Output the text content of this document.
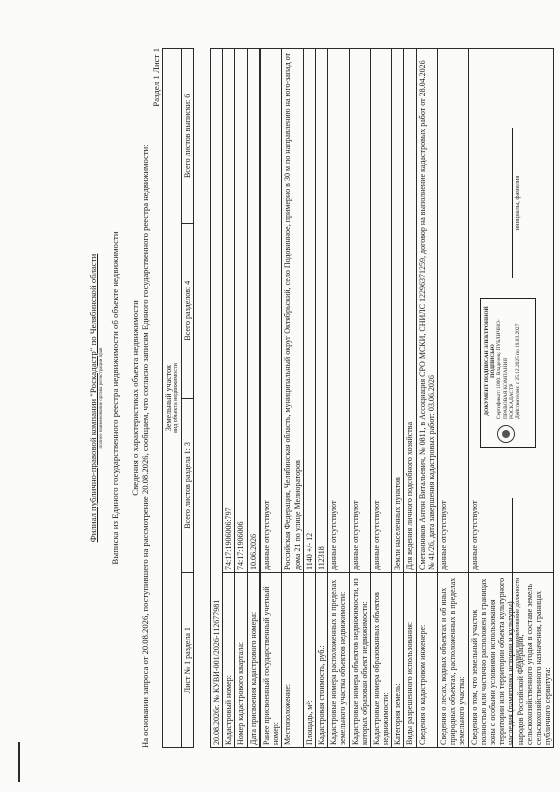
Филиал публично-правовой компании "Роскадастр" по Челябинской области полное наименование органа регистрации прав Выписка из Единого государственного реестра недвижимости об объекте недвижимости Сведения о характеристиках объекта недвижимости На основании запроса от 20.08.2026, поступившего на рассмотрение 20.08.2026, сообщаем, что согласно записям Единого государственного реестра недвижимости:
Раздел 1 Лист 1
Земельный участок вид объекта недвижимости

Лист № 1 раздела 1	Всего листов раздела 1: 3	Всего разделов: 4	Всего листов выписки: 6
20.08.2026г. № КУВИ-001/2026-112677981	
Кадастровый номер:	74:17:1906006:797
Номер кадастрового квартала:	74:17:1906006
Дата присвоения кадастрового номера:	10.06.2026
Ранее присвоенный государственный учетный номер:	данные отсутствуют
Местоположение:	Российская Федерация, Челябинская область, муниципальный округ Октябрьский, село Подовинное, примерно в 30 м по направлению на юго-запад от дома 21 по улице Мелиораторов
Площадь, м²:	1140 +/- 12
Кадастровая стоимость, руб.:	112318
Кадастровые номера расположенных в пределах земельного участка объектов недвижимости:	данные отсутствуют
Кадастровые номера объектов недвижимости, из которых образован объект недвижимости:	данные отсутствуют
Кадастровые номера образованных объектов недвижимости:	данные отсутствуют
Категория земель:	Земли населенных пунктов
Виды разрешенного использования:	Для ведения личного подсобного хозяйства
Сведения о кадастровом инженере:	Сметанников Антон Витальевич, № 0811, в Ассоциация СРО МСКИ, СНИЛС 12296371259, договор на выполнение кадастровых работ от 28.04.2026 № 41/26, дата завершения кадастровых работ: 03.06.2026
Сведения о лесах, водных объектах и об иных природных объектах, расположенных в пределах земельного участка:	данные отсутствуют
Сведения о том, что земельный участок полностью или частично расположен в границах зоны с особыми условиями использования территории или территории объекта культурного наследия (памятника истории и культуры) народов Российской Федерации, сельскохозяйственного угодья в составе земель сельскохозяйственного назначения, границах публичного сервитута:	данные отсутствуют
ДОКУМЕНТ ПОДПИСАН ЭЛЕКТРОННОЙ ПОДПИСЬЮ Сертификат: 1000. Владелец: ПУБЛИЧНО-ПРАВОВАЯ КОМПАНИЯ РОСКАДАСТР Действителен: с 25.12.2025 по 19.03.2027
полное наименование должности
инициалы, фамилия
